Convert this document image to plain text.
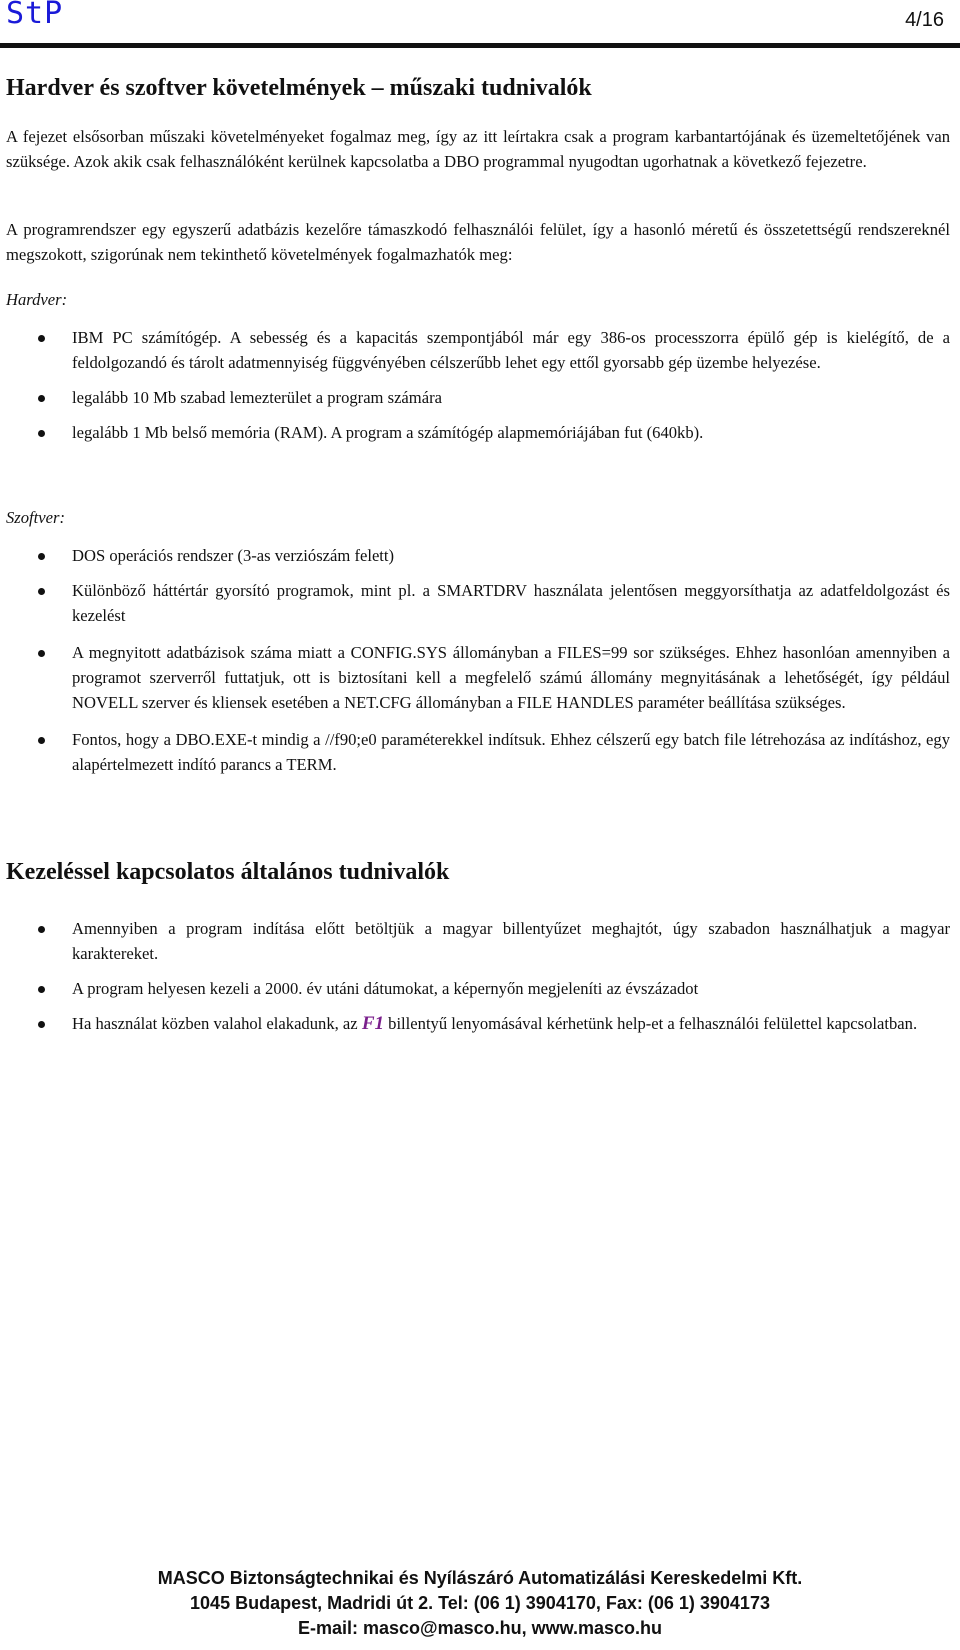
StP	4/16
Hardver és szoftver követelmények – műszaki tudnivalók

A fejezet elsősorban műszaki követelményeket fogalmaz meg, így az itt leírtakra csak a program karbantartójának és üzemeltetőjének van szüksége. Azok akik csak felhasználóként kerülnek kapcsolatba a DBO programmal nyugodtan ugorhatnak a következő fejezetre.

A programrendszer egy egyszerű adatbázis kezelőre támaszkodó felhasználói felület, így a hasonló méretű és összetettségű rendszereknél megszokott, szigorúnak nem tekinthető követelmények fogalmazhatók meg:

Hardver:

IBM PC számítógép. A sebesség és a kapacitás szempontjából már egy 386-os processzorra épülő gép is kielégítő, de a feldolgozandó és tárolt adatmennyiség függvényében célszerűbb lehet egy ettől gyorsabb gép üzembe helyezése.
legalább 10 Mb szabad lemezterület a program számára
legalább 1 Mb belső memória (RAM). A program a számítógép alapmemóriájában fut (640kb).

Szoftver:

DOS operációs rendszer (3-as verziószám felett)
Különböző háttértár gyorsító programok, mint pl. a SMARTDRV használata jelentősen meggyorsíthatja az adatfeldolgozást és kezelést
A megnyitott adatbázisok száma miatt a CONFIG.SYS állományban a FILES=99 sor szükséges. Ehhez hasonlóan amennyiben a programot szerverről futtatjuk, ott is biztosítani kell a megfelelő számú állomány megnyitásának a lehetőségét, így például NOVELL szerver és kliensek esetében a NET.CFG állományban a FILE HANDLES paraméter beállítása szükséges.
Fontos, hogy a DBO.EXE-t mindig a //f90;e0 paraméterekkel indítsuk. Ehhez célszerű egy batch file létrehozása az indításhoz, egy alapértelmezett indító parancs a TERM.
Kezeléssel kapcsolatos általános tudnivalók
Amennyiben a program indítása előtt betöltjük a magyar billentyűzet meghajtót, úgy szabadon használhatjuk a magyar karaktereket.
A program helyesen kezeli a 2000. év utáni dátumokat, a képernyőn megjeleníti az évszázadot
Ha használat közben valahol elakadunk, az F1 billentyű lenyomásával kérhetünk help-et a felhasználói felülettel kapcsolatban.
MASCO Biztonságtechnikai és Nyílászáró Automatizálási Kereskedelmi Kft.
1045 Budapest, Madridi út 2. Tel: (06 1) 3904170, Fax: (06 1) 3904173
E-mail: masco@masco.hu, www.masco.hu
